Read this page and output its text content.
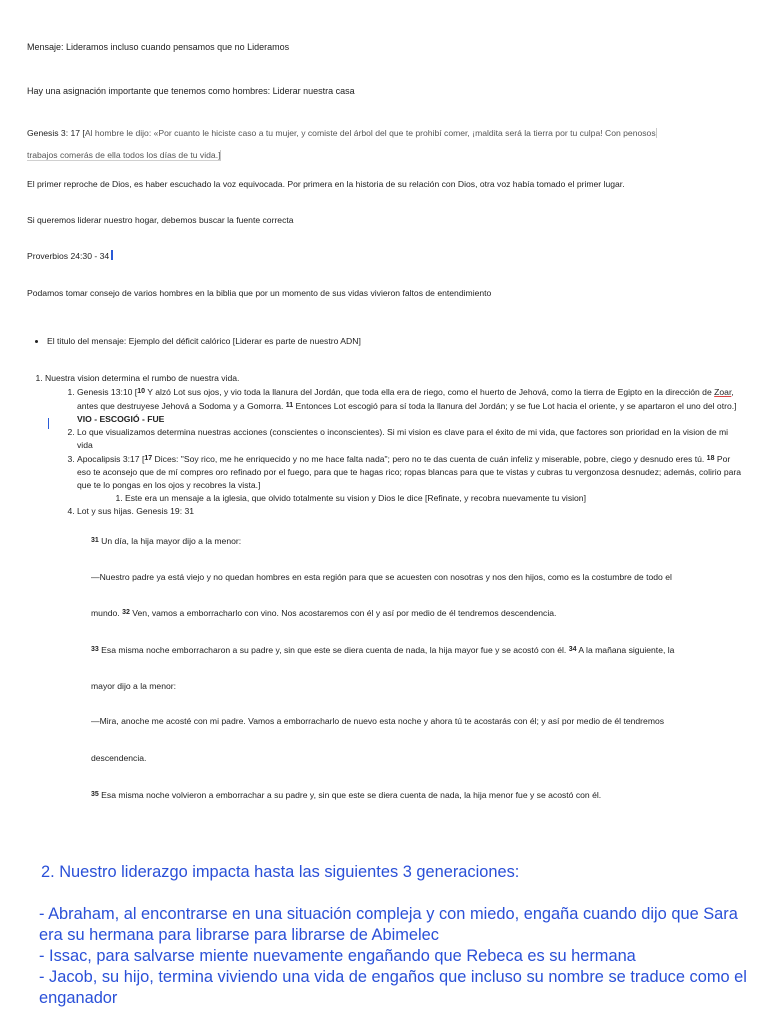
Mensaje: Lideramos incluso cuando pensamos que no Lideramos
Hay una asignación importante que tenemos como hombres: Liderar nuestra casa
Genesis 3: 17 [Al hombre le dijo: «Por cuanto le hiciste caso a tu mujer, y comiste del árbol del que te prohibí comer, ¡maldita será la tierra por tu culpa! Con penosos
trabajos comerás de ella todos los días de tu vida.]
El primer reproche de Dios, es haber escuchado la voz equivocada. Por primera en la historia de su relación con Dios, otra voz había tomado el primer lugar.
Si queremos liderar nuestro hogar, debemos buscar la fuente correcta
Proverbios 24:30 - 34
Podamos tomar consejo de varios hombres en la biblia que por un momento de sus vidas vivieron faltos de entendimiento
• El titulo del mensaje: Ejemplo del déficit calórico [Liderar es parte de nuestro ADN]
1. Nuestra vision determina el rumbo de nuestra vida.
1. Genesis 13:10 [$^{10}$ Y alzó Lot sus ojos, y vio toda la llanura del Jordán, que toda ella era de riego, como el huerto de Jehová, como la tierra de Egipto en la dirección de Zoar, antes que destruyese Jehová a Sodoma y a Gomorra. $^{11}$ Entonces Lot escogió para sí toda la llanura del Jordán; y se fue Lot hacia el oriente, y se apartaron el uno del otro.] VIO - ESCOGIÓ - FUE
2. Lo que visualizamos determina nuestras acciones (conscientes o inconscientes). Si mi vision es clave para el éxito de mi vida, que factores son prioridad en la vision de mi vida
3. Apocalipsis 3:17 [$^{17}$ Dices: "Soy rico, me he enriquecido y no me hace falta nada"; pero no te das cuenta de cuán infeliz y miserable, pobre, ciego y desnudo eres tú. $^{18}$ Por eso te aconsejo que de mí compres oro refinado por el fuego, para que te hagas rico; ropas blancas para que te vistas y cubras tu vergonzosa desnudez; además, colirio para que te lo pongas en los ojos y recobres la vista.]
1. Este era un mensaje a la iglesia, que olvido totalmente su vision y Dios le dice [Refinate, y recobra nuevamente tu vision]
4. Lot y sus hijas. Genesis 19: 31
$^{31}$ Un día, la hija mayor dijo a la menor:
—Nuestro padre ya está viejo y no quedan hombres en esta región para que se acuesten con nosotras y nos den hijos, como es la costumbre de todo el
mundo. $^{32}$ Ven, vamos a emborracharlo con vino. Nos acostaremos con él y así por medio de él tendremos descendencia.
$^{33}$ Esa misma noche emborracharon a su padre y, sin que este se diera cuenta de nada, la hija mayor fue y se acostó con él. $^{34}$ A la mañana siguiente, la
mayor dijo a la menor:
—Mira, anoche me acosté con mi padre. Vamos a emborracharlo de nuevo esta noche y ahora tú te acostarás con él; y así por medio de él tendremos
descendencia.
$^{35}$ Esa misma noche volvieron a emborrachar a su padre y, sin que este se diera cuenta de nada, la hija menor fue y se acostó con él.

2. Nuestro liderazgo impacta hasta las siguientes 3 generaciones:

- Abraham, al encontrarse en una situación compleja y con miedo, engaña cuando dijo que Sara era su hermana para librarse para librarse de Abimelec

- Issac, para salvarse miente nuevamente engañando que Rebeca es su hermana

- Jacob, su hijo, termina viviendo una vida de engaños que incluso su nombre se traduce como el enganador
